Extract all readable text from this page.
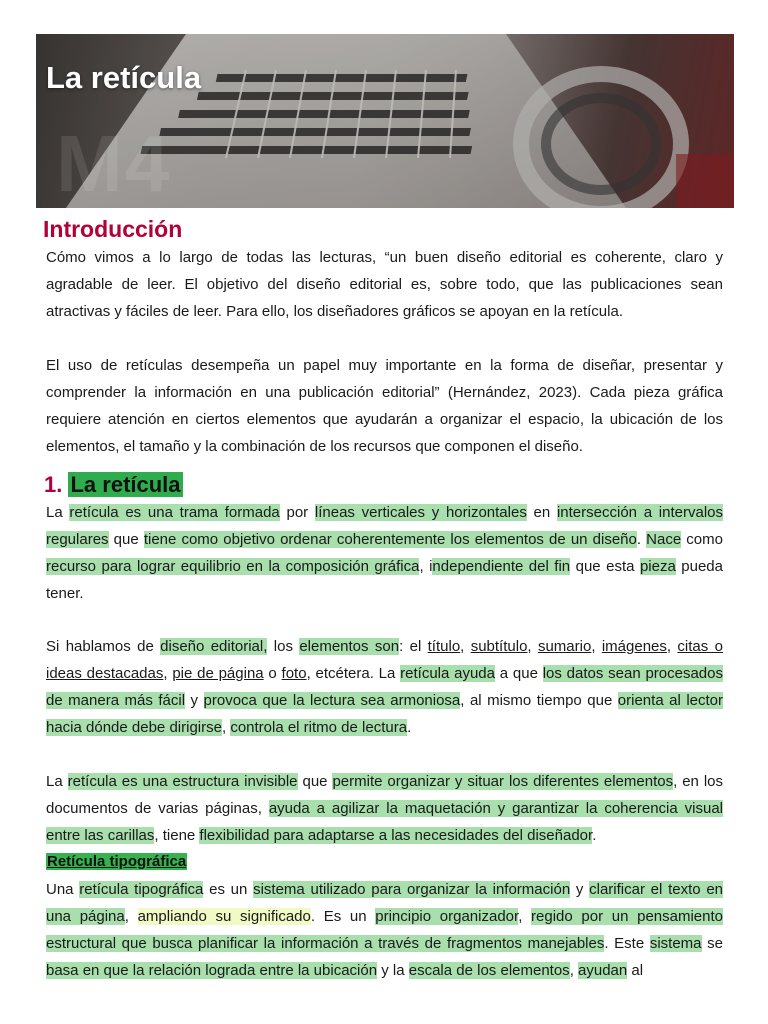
M4
La retícula
Introducción

Cómo vimos a lo largo de todas las lecturas, “un buen diseño editorial es coherente, claro y agradable de leer. El objetivo del diseño editorial es, sobre todo, que las publicaciones sean atractivas y fáciles de leer. Para ello, los diseñadores gráficos se apoyan en la retícula.

El uso de retículas desempeña un papel muy importante en la forma de diseñar, presentar y comprender la información en una publicación editorial” (Hernández, 2023). Cada pieza gráfica requiere atención en ciertos elementos que ayudarán a organizar el espacio, la ubicación de los elementos, el tamaño y la combinación de los recursos que componen el diseño.

1. La retícula

La retícula es una trama formada por líneas verticales y horizontales en intersección a intervalos regulares que tiene como objetivo ordenar coherentemente los elementos de un diseño. Nace como recurso para lograr equilibrio en la composición gráfica, independiente del fin que esta pieza pueda tener.

Si hablamos de diseño editorial, los elementos son: el título, subtítulo, sumario, imágenes, citas o ideas destacadas, pie de página o foto, etcétera. La retícula ayuda a que los datos sean procesados de manera más fácil y provoca que la lectura sea armoniosa, al mismo tiempo que orienta al lector hacia dónde debe dirigirse, controla el ritmo de lectura.

La retícula es una estructura invisible que permite organizar y situar los diferentes elementos, en los documentos de varias páginas, ayuda a agilizar la maquetación y garantizar la coherencia visual entre las carillas, tiene flexibilidad para adaptarse a las necesidades del diseñador.

Retícula tipográfica

Una retícula tipográfica es un sistema utilizado para organizar la información y clarificar el texto en una página, ampliando su significado. Es un principio organizador, regido por un pensamiento estructural que busca planificar la información a través de fragmentos manejables. Este sistema se basa en que la relación lograda entre la ubicación y la escala de los elementos, ayudan al
